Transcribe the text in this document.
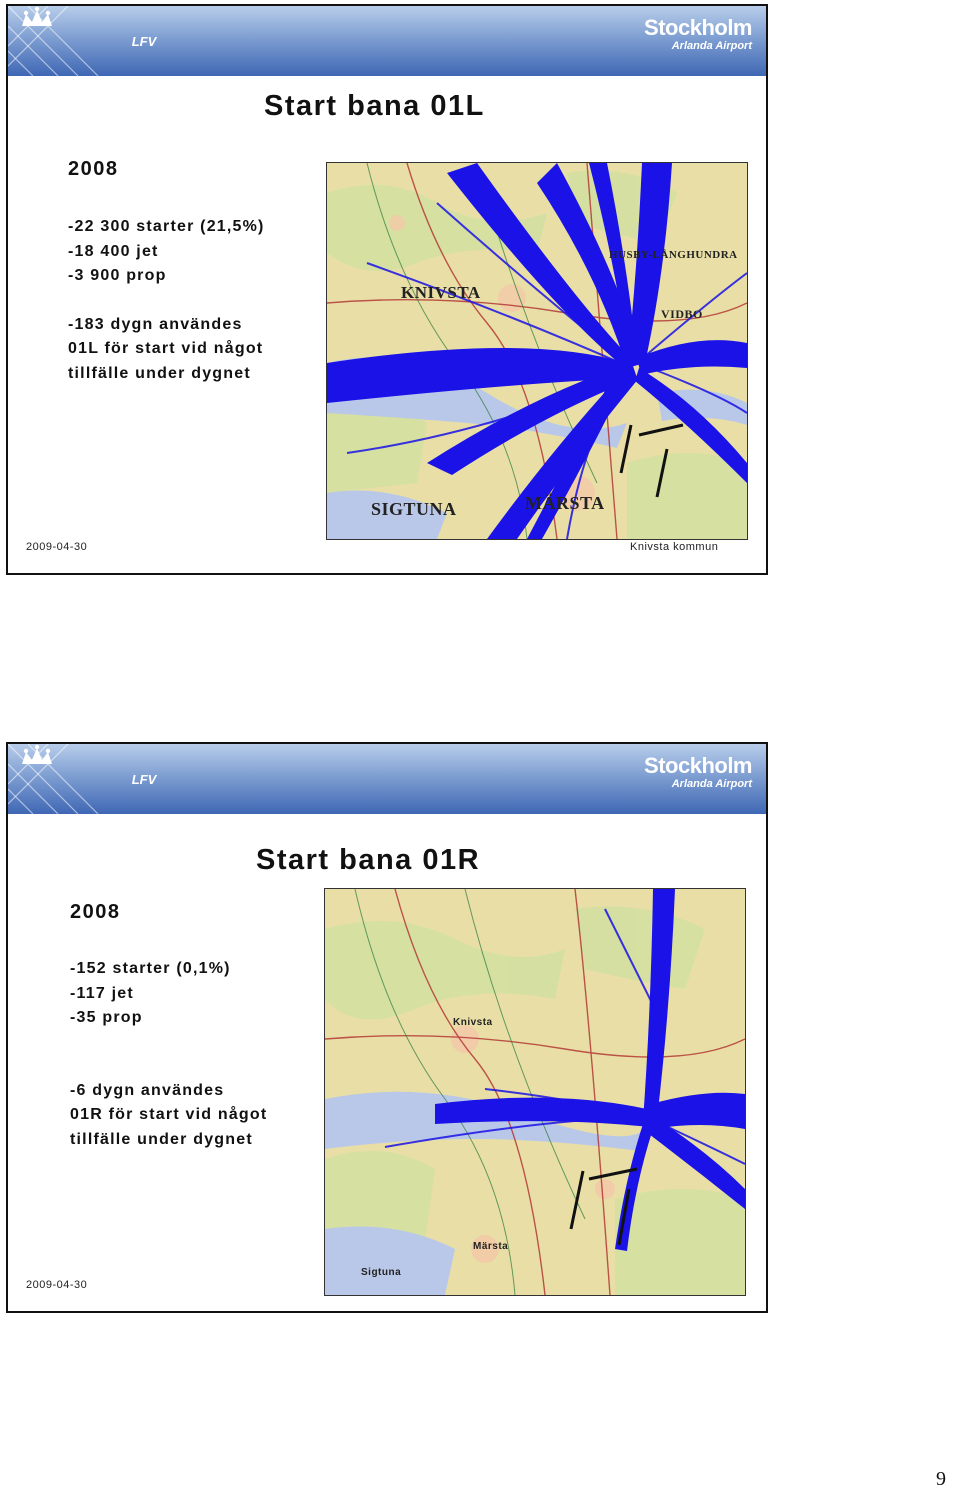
LFV
Stockholm
Arlanda Airport
Start bana 01L
2008
-22 300 starter (21,5%)
-18 400 jet
-3 900 prop
-183 dygn användes
01L för start vid något
tillfälle under dygnet
KNIVSTA
HUSBY-LÅNGHUNDRA
VIDBO
SIGTUNA	MÄRSTA
2009-04-30	Knivsta kommun
LFV
Stockholm
Arlanda Airport
Start bana 01R
2008
-152 starter (0,1%)
-117 jet
-35 prop
-6 dygn användes
01R för start vid något
tillfälle under dygnet
Knivsta
Sigtuna
Märsta
2009-04-30
9
